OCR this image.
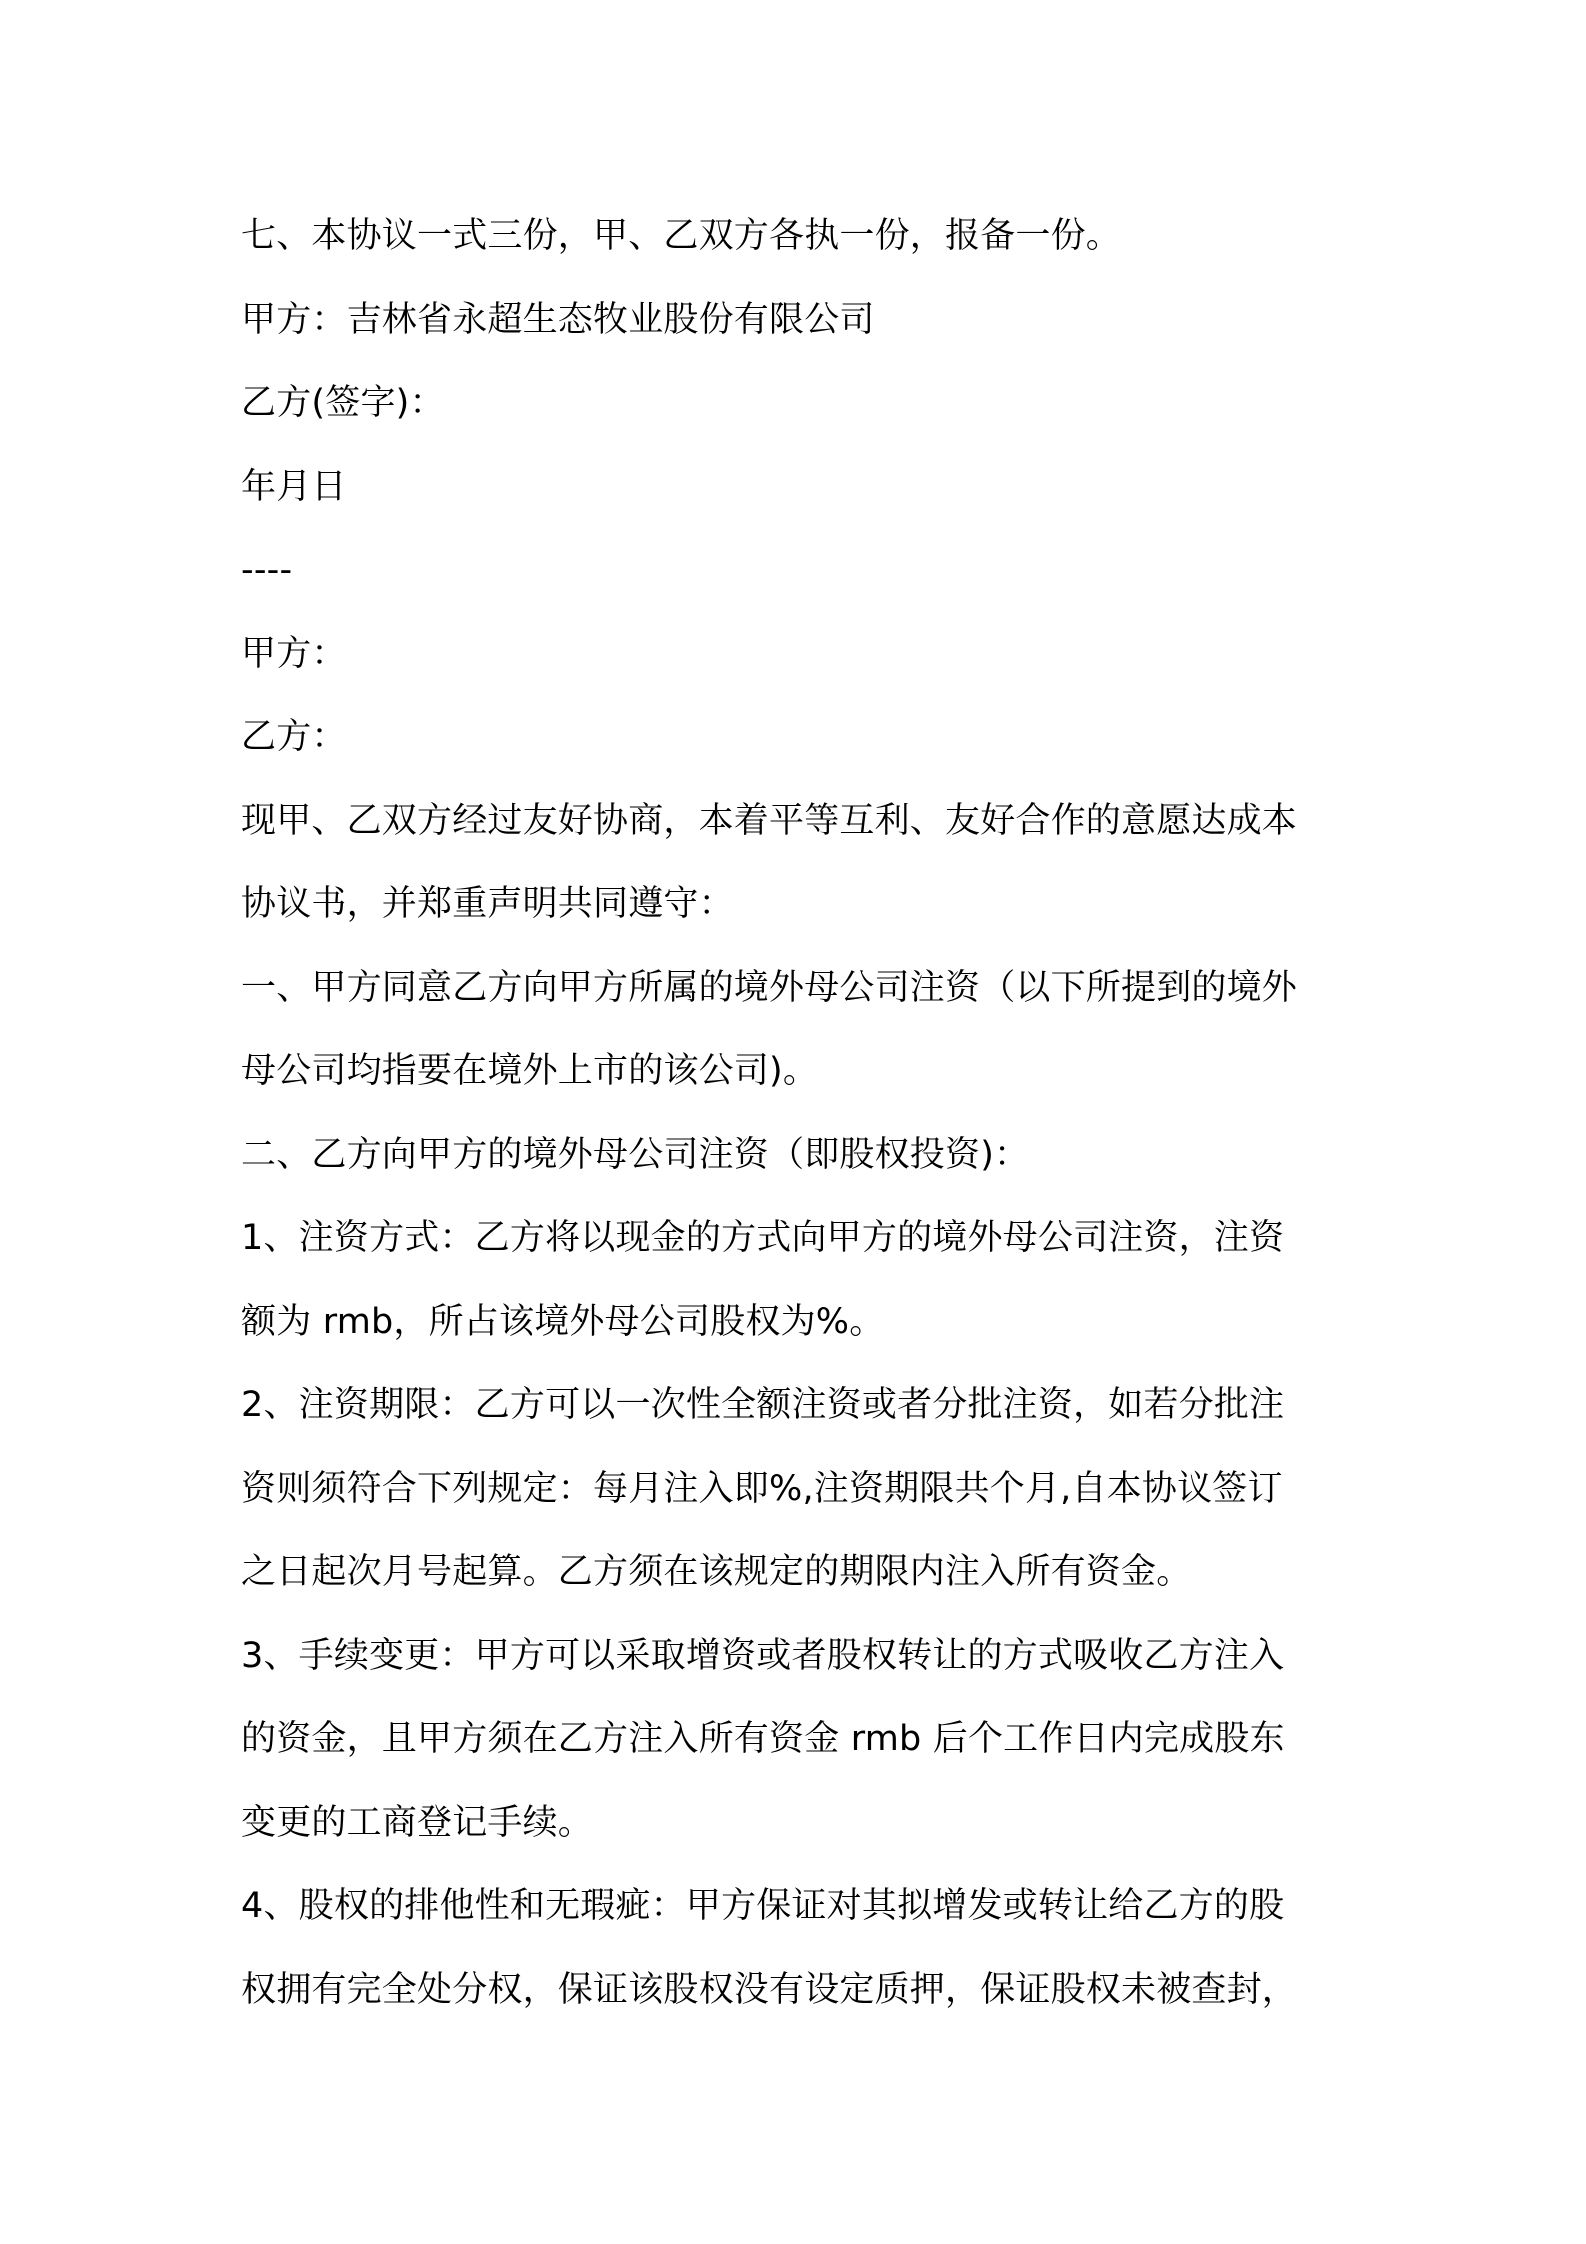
七、本协议一式三份，甲、乙双方各执一份，报备一份。
甲方：吉林省永超生态牧业股份有限公司
乙方(签字)：
年月日
----
甲方：
乙方：
现甲、乙双方经过友好协商，本着平等互利、友好合作的意愿达成本
协议书，并郑重声明共同遵守：
一、甲方同意乙方向甲方所属的境外母公司注资（以下所提到的境外
母公司均指要在境外上市的该公司)。
二、乙方向甲方的境外母公司注资（即股权投资)：
1、注资方式：乙方将以现金的方式向甲方的境外母公司注资，注资
额为 rmb，所占该境外母公司股权为%。
2、注资期限：乙方可以一次性全额注资或者分批注资，如若分批注
资则须符合下列规定：每月注入即%,注资期限共个月,自本协议签订
之日起次月号起算。乙方须在该规定的期限内注入所有资金。
3、手续变更：甲方可以采取增资或者股权转让的方式吸收乙方注入
的资金，且甲方须在乙方注入所有资金 rmb 后个工作日内完成股东
变更的工商登记手续。
4、股权的排他性和无瑕疵：甲方保证对其拟增发或转让给乙方的股
权拥有完全处分权，保证该股权没有设定质押，保证股权未被查封，
